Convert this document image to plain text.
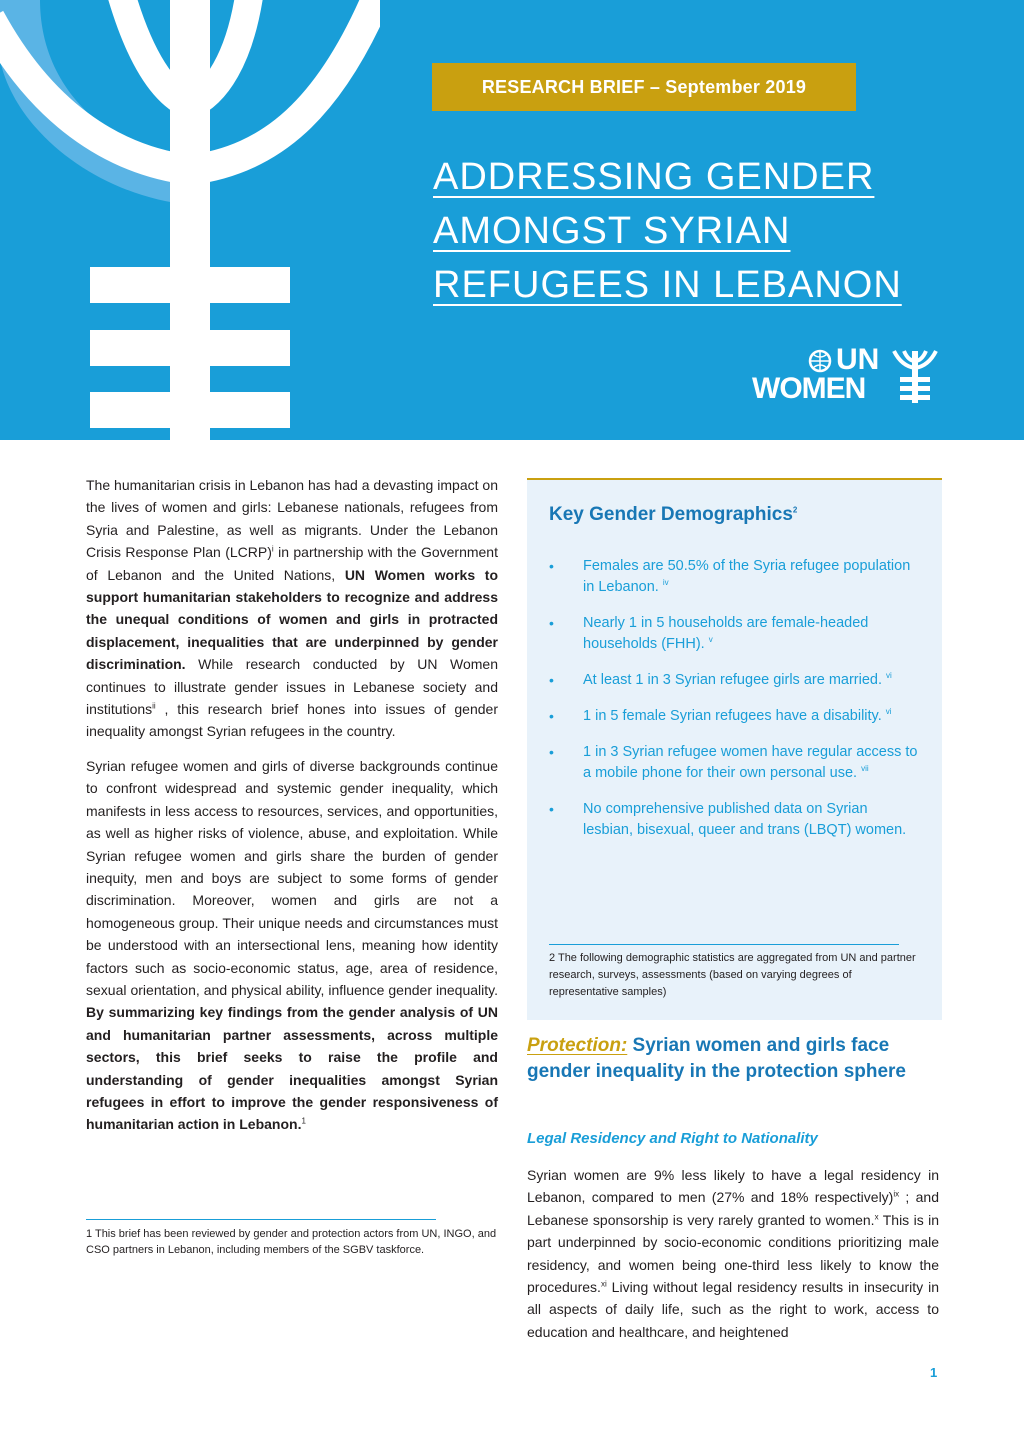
RESEARCH BRIEF – September 2019
ADDRESSING GENDER
AMONGST SYRIAN
REFUGEES IN LEBANON
UN
WOMEN

The humanitarian crisis in Lebanon has had a devasting impact on the lives of women and girls: Lebanese nationals, refugees from Syria and Palestine, as well as migrants. Under the Lebanon Crisis Response Plan (LCRP)$^i$ in partnership with the Government of Lebanon and the United Nations, UN Women works to support humanitarian stakeholders to recognize and address the unequal conditions of women and girls in protracted displacement, inequalities that are underpinned by gender discrimination. While research conducted by UN Women continues to illustrate gender issues in Lebanese society and institutions$^{ii}$ , this research brief hones into issues of gender inequality amongst Syrian refugees in the country.

Syrian refugee women and girls of diverse backgrounds continue to confront widespread and systemic gender inequality, which manifests in less access to resources, services, and opportunities, as well as higher risks of violence, abuse, and exploitation. While Syrian refugee women and girls share the burden of gender inequity, men and boys are subject to some forms of gender discrimination. Moreover, women and girls are not a homogeneous group. Their unique needs and circumstances must be understood with an intersectional lens, meaning how identity factors such as socio-economic status, age, area of residence, sexual orientation, and physical ability, influence gender inequality. By summarizing key findings from the gender analysis of UN and humanitarian partner assessments, across multiple sectors, this brief seeks to raise the profile and understanding of gender inequalities amongst Syrian refugees in effort to improve the gender responsiveness of humanitarian action in Lebanon.$^1$

1 This brief has been reviewed by gender and protection actors from UN, INGO, and CSO partners in Lebanon, including members of the SGBV taskforce.
Key Gender Demographics$^2$
• Females are 50.5% of the Syria refugee population in Lebanon. $^{iv}$
• Nearly 1 in 5 households are female-headed households (FHH). $^v$
• At least 1 in 3 Syrian refugee girls are married. $^{vi}$
• 1 in 5 female Syrian refugees have a disability. $^{vi}$
• 1 in 3 Syrian refugee women have regular access to a mobile phone for their own personal use. $^{vii}$
• No comprehensive published data on Syrian lesbian, bisexual, queer and trans (LBQT) women.
2 The following demographic statistics are aggregated from UN and partner research, surveys, assessments (based on varying degrees of representative samples)
Protection: Syrian women and girls face gender inequality in the protection sphere
Legal Residency and Right to Nationality

Syrian women are 9% less likely to have a legal residency in Lebanon, compared to men (27% and 18% respectively)$^{ix}$ ; and Lebanese sponsorship is very rarely granted to women.$^x$ This is in part underpinned by socio-economic conditions prioritizing male residency, and women being one-third less likely to know the procedures.$^{xi}$ Living without legal residency results in insecurity in all aspects of daily life, such as the right to work, access to education and healthcare, and heightened

1
